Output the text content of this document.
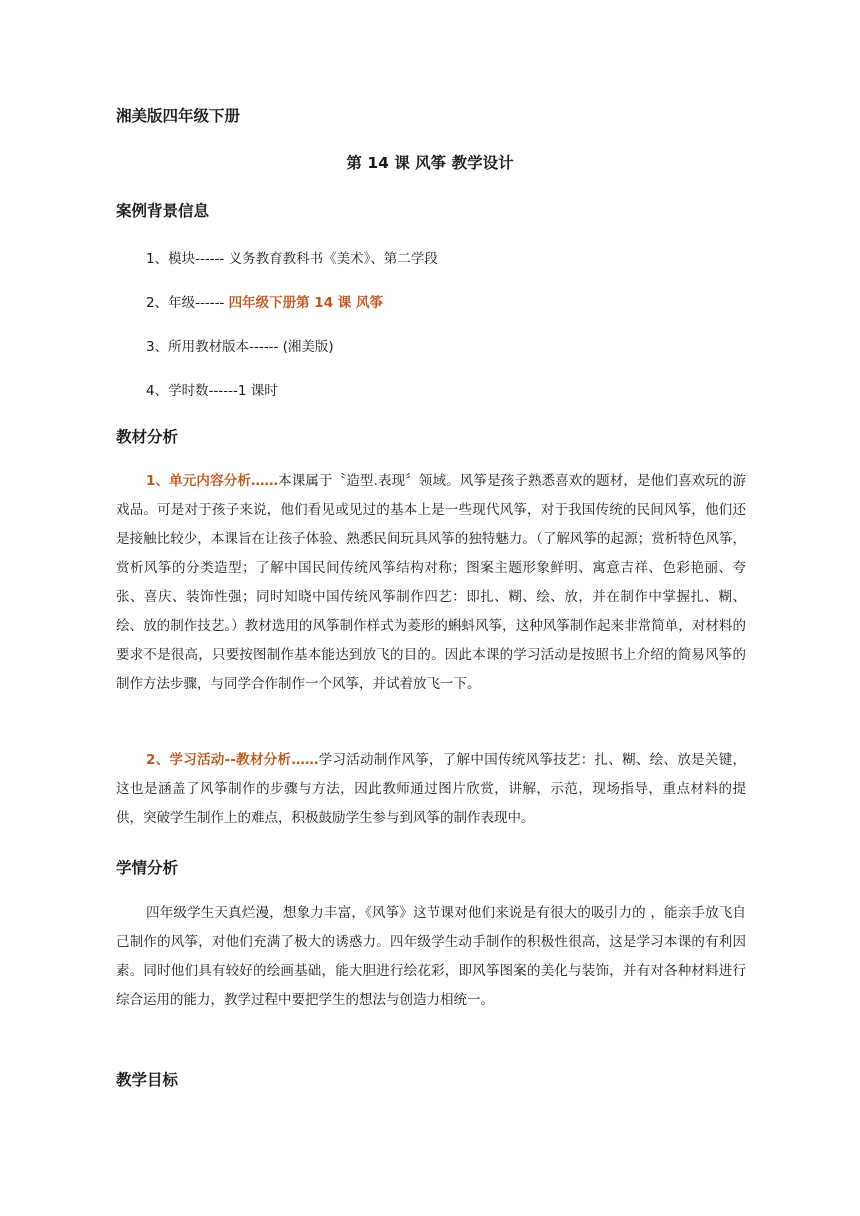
湘美版四年级下册
第 14 课 风筝 教学设计
案例背景信息
1、模块------ 义务教育教科书《美术》、第二学段
2、年级------ 四年级下册第 14 课 风筝
3、所用教材版本------ (湘美版)
4、学时数------1 课时
教材分析
1、单元内容分析……本课属于〝造型.表现〞领域。风筝是孩子熟悉喜欢的题材，是他们喜欢玩的游戏品。可是对于孩子来说，他们看见或见过的基本上是一些现代风筝，对于我国传统的民间风筝，他们还是接触比较少，本课旨在让孩子体验、熟悉民间玩具风筝的独特魅力。（了解风筝的起源；赏析特色风筝，赏析风筝的分类造型；了解中国民间传统风筝结构对称；图案主题形象鲜明、寓意吉祥、色彩艳丽、夸张、喜庆、装饰性强；同时知晓中国传统风筝制作四艺：即扎、糊、绘、放，并在制作中掌握扎、糊、绘、放的制作技艺。）教材选用的风筝制作样式为菱形的蝌蚪风筝，这种风筝制作起来非常简单，对材料的要求不是很高，只要按图制作基本能达到放飞的目的。因此本课的学习活动是按照书上介绍的简易风筝的制作方法步骤，与同学合作制作一个风筝，并试着放飞一下。
2、学习活动--教材分析……学习活动制作风筝，了解中国传统风筝技艺：扎、糊、绘、放是关键，这也是涵盖了风筝制作的步骤与方法，因此教师通过图片欣赏，讲解，示范，现场指导，重点材料的提供，突破学生制作上的难点，积极鼓励学生参与到风筝的制作表现中。
学情分析
四年级学生天真烂漫，想象力丰富，《风筝》这节课对他们来说是有很大的吸引力的 ，能亲手放飞自己制作的风筝，对他们充满了极大的诱惑力。四年级学生动手制作的积极性很高，这是学习本课的有利因素。同时他们具有较好的绘画基础，能大胆进行绘花彩，即风筝图案的美化与装饰，并有对各种材料进行综合运用的能力，教学过程中要把学生的想法与创造力相统一。
教学目标
